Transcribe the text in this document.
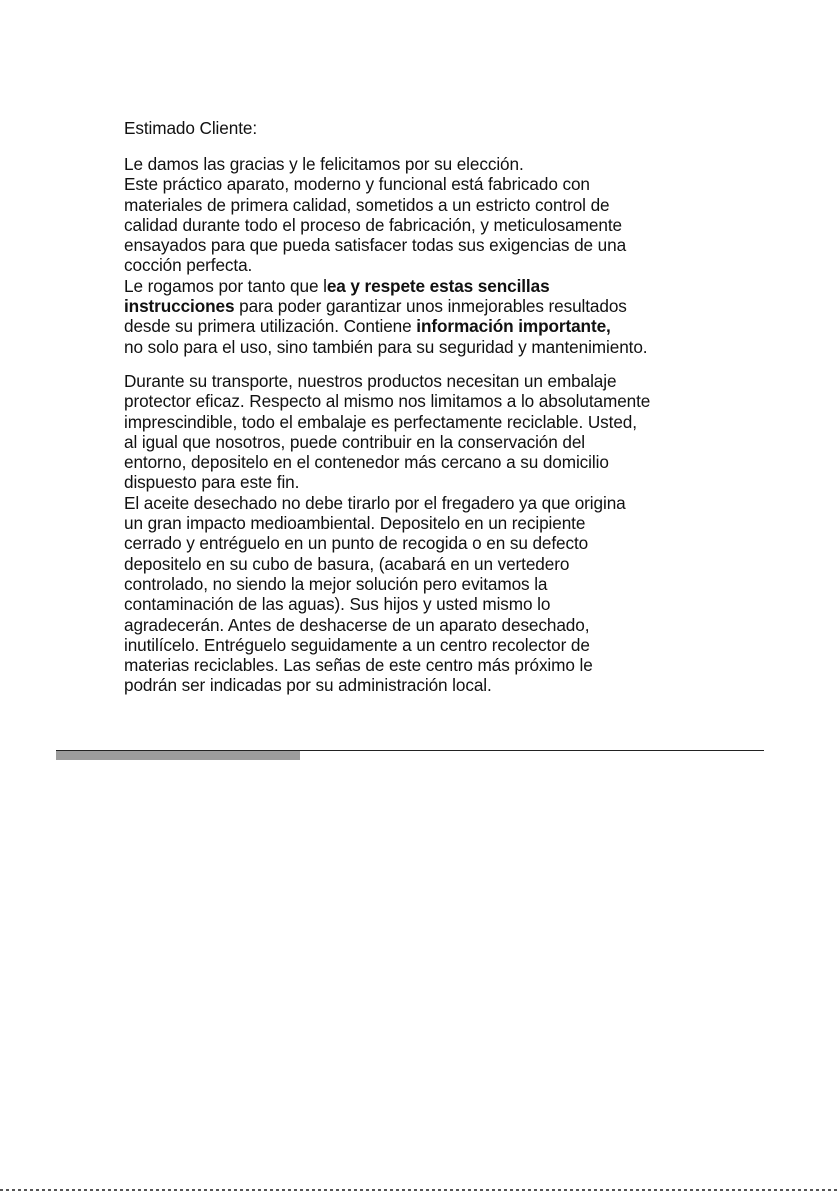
Estimado Cliente:
Le damos las gracias y le felicitamos por su elección.
Este práctico aparato, moderno y funcional está fabricado con
materiales de primera calidad, sometidos a un estricto control de
calidad durante todo el proceso de fabricación, y meticulosamente
ensayados para que pueda satisfacer todas sus exigencias de una
cocción perfecta.
Le rogamos por tanto que lea y respete estas sencillas
instrucciones para poder garantizar unos inmejorables resultados
desde su primera utilización. Contiene información importante,
no solo para el uso, sino también para su seguridad y mantenimiento.
Durante su transporte, nuestros productos necesitan un embalaje
protector eficaz. Respecto al mismo nos limitamos a lo absolutamente
imprescindible, todo el embalaje es perfectamente reciclable. Usted,
al igual que nosotros, puede contribuir en la conservación del
entorno, depositelo en el contenedor más cercano a su domicilio
dispuesto para este fin.
El aceite desechado no debe tirarlo por el fregadero ya que origina
un gran impacto medioambiental. Depositelo en un recipiente
cerrado y entréguelo en un punto de recogida o en su defecto
depositelo en su cubo de basura, (acabará en un vertedero
controlado, no siendo la mejor solución pero evitamos la
contaminación de las aguas). Sus hijos y usted mismo lo
agradecerán. Antes de deshacerse de un aparato desechado,
inutilícelo. Entréguelo seguidamente a un centro recolector de
materias reciclables. Las señas de este centro más próximo le
podrán ser indicadas por su administración local.
